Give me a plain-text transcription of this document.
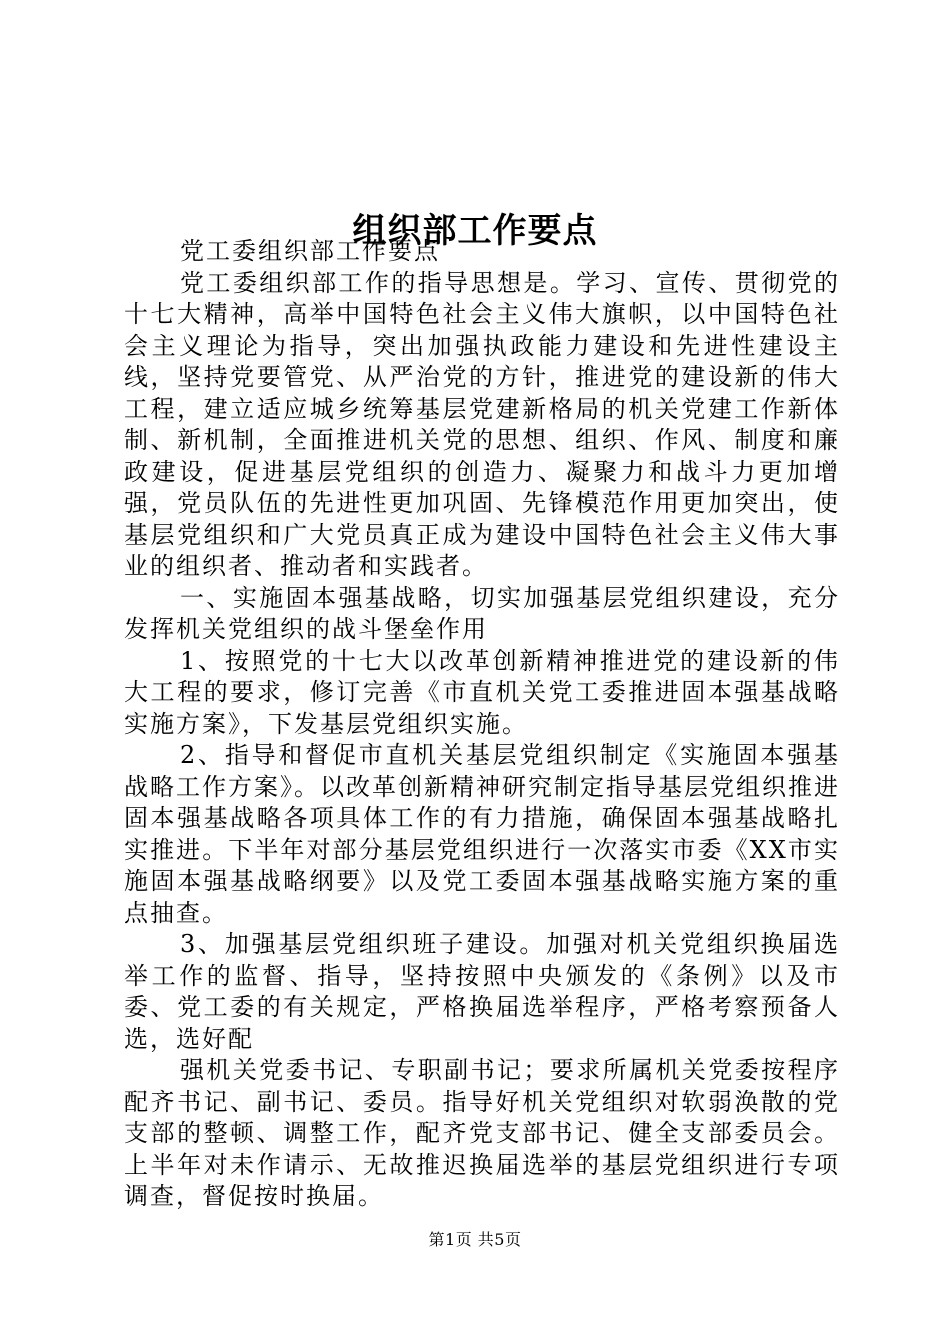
组织部工作要点

党工委组织部工作要点

党工委组织部工作的指导思想是。学习、宣传、贯彻党的十七大精神，高举中国特色社会主义伟大旗帜，以中国特色社会主义理论为指导，突出加强执政能力建设和先进性建设主线，坚持党要管党、从严治党的方针，推进党的建设新的伟大工程，建立适应城乡统筹基层党建新格局的机关党建工作新体制、新机制，全面推进机关党的思想、组织、作风、制度和廉政建设，促进基层党组织的创造力、凝聚力和战斗力更加增强，党员队伍的先进性更加巩固、先锋模范作用更加突出，使基层党组织和广大党员真正成为建设中国特色社会主义伟大事业的组织者、推动者和实践者。

一、实施固本强基战略，切实加强基层党组织建设，充分发挥机关党组织的战斗堡垒作用

1、按照党的十七大以改革创新精神推进党的建设新的伟大工程的要求，修订完善《市直机关党工委推进固本强基战略实施方案》，下发基层党组织实施。

2、指导和督促市直机关基层党组织制定《实施固本强基战略工作方案》。以改革创新精神研究制定指导基层党组织推进固本强基战略各项具体工作的有力措施，确保固本强基战略扎实推进。下半年对部分基层党组织进行一次落实市委《XX市实施固本强基战略纲要》以及党工委固本强基战略实施方案的重点抽查。

3、加强基层党组织班子建设。加强对机关党组织换届选举工作的监督、指导，坚持按照中央颁发的《条例》以及市委、党工委的有关规定，严格换届选举程序，严格考察预备人选，选好配

强机关党委书记、专职副书记；要求所属机关党委按程序配齐书记、副书记、委员。指导好机关党组织对软弱涣散的党支部的整顿、调整工作，配齐党支部书记、健全支部委员会。上半年对未作请示、无故推迟换届选举的基层党组织进行专项调查，督促按时换届。

第1页 共5页
